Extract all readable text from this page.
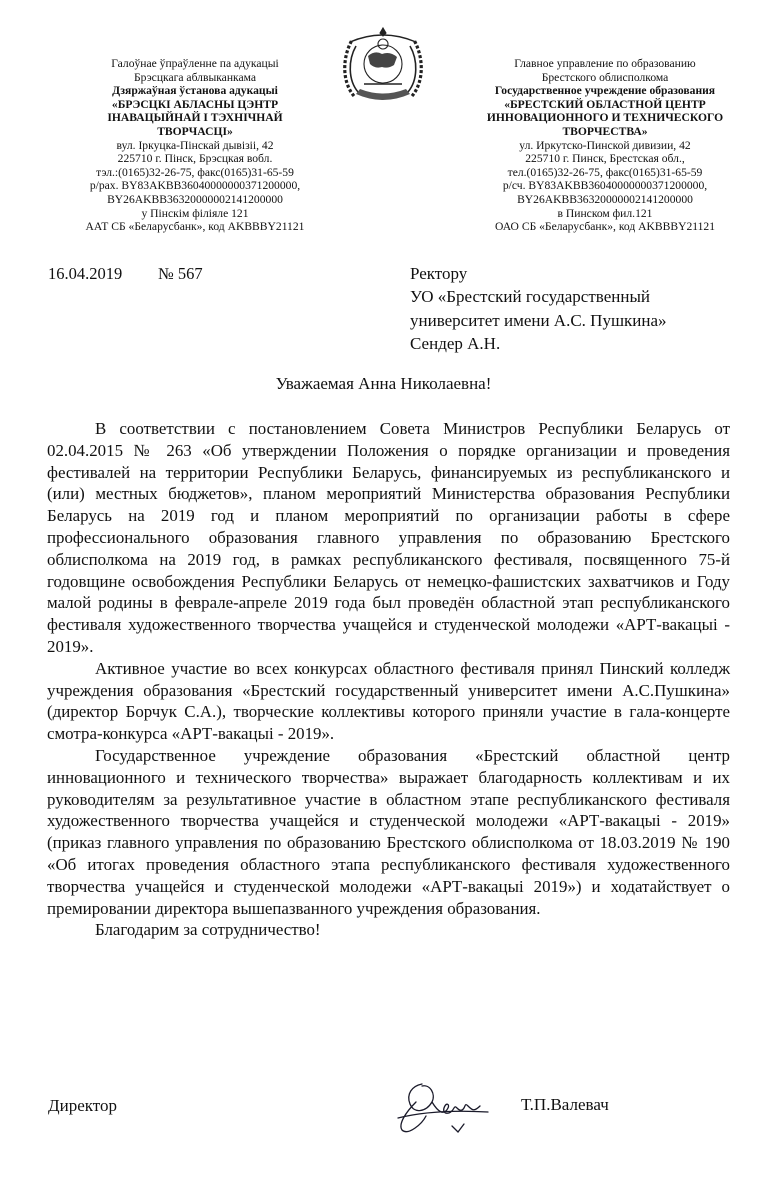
Галоўнае ўпраўленне па адукацыі
Брэсцкага аблвыканкама
Дзяржаўная ўстанова адукацыі
«БРЭСЦКІ АБЛАСНЫ ЦЭНТР
ІНАВАЦЫЙНАЙ І ТЭХНІЧНАЙ
ТВОРЧАСЦІ»
вул. Іркуцка-Пінскай дывізіі, 42
225710 г. Пінск, Брэсцкая вобл.
тэл.:(0165)32-26-75, факс(0165)31-65-59
р/рах. BY83AKBB36040000000371200000,
BY26AKBB36320000002141200000
у Пінскім філіяле 121
ААТ СБ «Беларусбанк», код AKBBBY21121
Главное управление по образованию
Брестского облисполкома
Государственное учреждение образования
«БРЕСТСКИЙ ОБЛАСТНОЙ ЦЕНТР
ИННОВАЦИОННОГО И ТЕХНИЧЕСКОГО
ТВОРЧЕСТВА»
ул. Иркутско-Пинской дивизии, 42
225710 г. Пинск, Брестская обл.,
тел.(0165)32-26-75, факс(0165)31-65-59
р/сч. BY83AKBB36040000000371200000,
BY26AKBB36320000002141200000
в Пинском фил.121
ОАО СБ «Беларусбанк», код AKBBBY21121
16.04.2019 № 567	Ректору
УО «Брестский государственный
университет имени А.С. Пушкина»
Сендер А.Н.
Уважаемая Анна Николаевна!

В соответствии с постановлением Совета Министров Республики Беларусь от 02.04.2015 № 263 «Об утверждении Положения о порядке организации и проведения фестивалей на территории Республики Беларусь, финансируемых из республиканского и (или) местных бюджетов», планом мероприятий Министерства образования Республики Беларусь на 2019 год и планом мероприятий по организации работы в сфере профессионального образования главного управления по образованию Брестского облисполкома на 2019 год, в рамках республиканского фестиваля, посвященного 75-й годовщине освобождения Республики Беларусь от немецко-фашистских захватчиков и Году малой родины в феврале-апреле 2019 года был проведён областной этап республиканского фестиваля художественного творчества учащейся и студенческой молодежи «АРТ-вакацыі - 2019».

Активное участие во всех конкурсах областного фестиваля принял Пинский колледж учреждения образования «Брестский государственный университет имени А.С.Пушкина» (директор Борчук С.А.), творческие коллективы которого приняли участие в гала-концерте смотра-конкурса «АРТ-вакацыі - 2019».

Государственное учреждение образования «Брестский областной центр инновационного и технического творчества» выражает благодарность коллективам и их руководителям за результативное участие в областном этапе республиканского фестиваля художественного творчества учащейся и студенческой молодежи «АРТ-вакацыі - 2019» (приказ главного управления по образованию Брестского облисполкома от 18.03.2019 № 190 «Об итогах проведения областного этапа республиканского фестиваля художественного творчества учащейся и студенческой молодежи «АРТ-вакацыі 2019») и ходатайствует о премировании директора вышепазванного учреждения образования.

Благодарим за сотрудничество!

Директор	Т.П.Валевач
